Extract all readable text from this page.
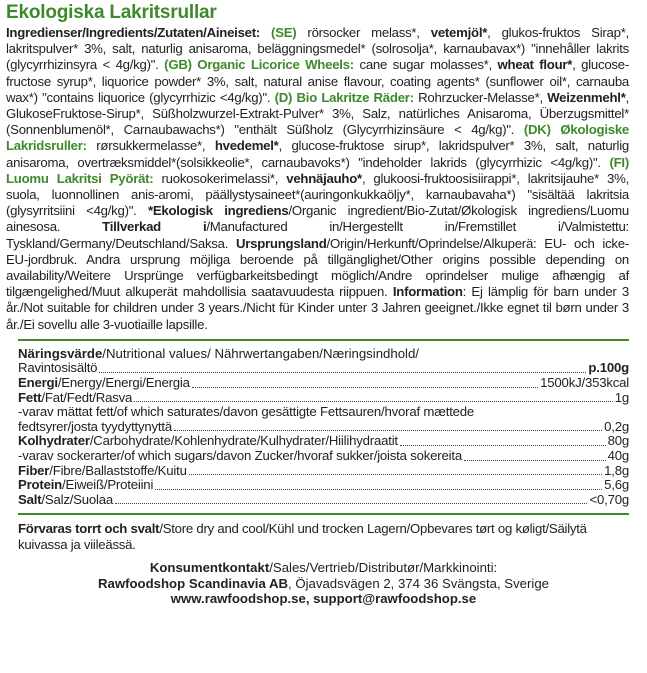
Ekologiska Lakritsrullar
Ingredienser/Ingredients/Zutaten/Aineiset: (SE) rörsocker melass*, vetemjöl*, glukos-fruktos Sirap*, lakritspulver* 3%, salt, naturlig anisaroma, beläggningsmedel* (solrosolja*, karnaubavax*) "innehåller lakrits (glycyrrhizinsyra < 4g/kg)". (GB) Organic Licorice Wheels: cane sugar molasses*, wheat flour*, glucose-fructose syrup*, liquorice powder* 3%, salt, natural anise flavour, coating agents* (sunflower oil*, carnauba wax*) "contains liquorice (glycyrrhizic <4g/kg)". (D) Bio Lakritze Räder: Rohrzucker-Melasse*, Weizenmehl*, GlukoseFruktose-Sirup*, Süßholzwurzel-Extrakt-Pulver* 3%, Salz, natürliches Anisaroma, Überzugsmittel* (Sonnenblumenöl*, Carnaubawachs*) "enthält Süßholz (Glycyrrhizinsäure < 4g/kg)". (DK) Økologiske Lakridsruller: rørsukkermelasse*, hvedemel*, glucose-fruktose sirup*, lakridspulver* 3%, salt, naturlig anisaroma, overtræksmiddel*(solsikkeolie*, carnaubavoks*) "indeholder lakrids (glycyrrhizic <4g/kg)". (FI) Luomu Lakritsi Pyörät: ruokosokerimelassi*, vehnäjauho*, glukoosi-fruktoosisiirappi*, lakritsijauhe* 3%, suola, luonnollinen anis-aromi, päällystysaineet*(auringonkukkaöljy*, karnaubavaha*) "sisältää lakritsia (glysyrritsiini <4g/kg)". *Ekologisk ingrediens/Organic ingredient/Bio-Zutat/Økologisk ingrediens/Luomu ainesosa. Tillverkad i/Manufactured in/Hergestellt in/Fremstillet i/Valmistettu: Tyskland/Germany/Deutschland/Saksa. Ursprungsland/Origin/Herkunft/Oprindelse/Alkuperä: EU- och icke-EU-jordbruk. Andra ursprung möjliga beroende på tillgänglighet/Other origins possible depending on availability/Weitere Ursprünge verfügbarkeitsbedingt möglich/Andre oprindelser mulige afhængig af tilgængelighed/Muut alkuperät mahdollisia saatavuudesta riippuen. Information: Ej lämplig för barn under 3 år./Not suitable for children under 3 years./Nicht für Kinder unter 3 Jahren geeignet./Ikke egnet til børn under 3 år./Ei sovellu alle 3-vuotiaille lapsille.
Näringsvärde/Nutritional values/ Nährwertangaben/Næringsindhold/
Ravintosisältö	p.100g
Energi/Energy/Energi/Energia	1500kJ/353kcal
Fett/Fat/Fedt/Rasva	1g
-varav mättat fett/of which saturates/davon gesättigte Fettsauren/hvoraf mættede
fedtsyrer/josta tyydyttynyttä	0,2g
Kolhydrater/Carbohydrate/Kohlenhydrate/Kulhydrater/Hiilihydraatit	80g
-varav sockerarter/of which sugars/davon Zucker/hvoraf sukker/joista sokereita	40g
Fiber/Fibre/Ballaststoffe/Kuitu	1,8g
Protein/Eiweiß/Proteiini	5,6g
Salt/Salz/Suolaa	<0,70g
Förvaras torrt och svalt/Store dry and cool/Kühl und trocken Lagern/Opbevares tørt og køligt/Säilytä kuivassa ja viileässä.
Konsumentkontakt/Sales/Vertrieb/Distributør/Markkinointi:
Rawfoodshop Scandinavia AB, Öjavadsvägen 2, 374 36 Svängsta, Sverige
www.rawfoodshop.se, support@rawfoodshop.se
